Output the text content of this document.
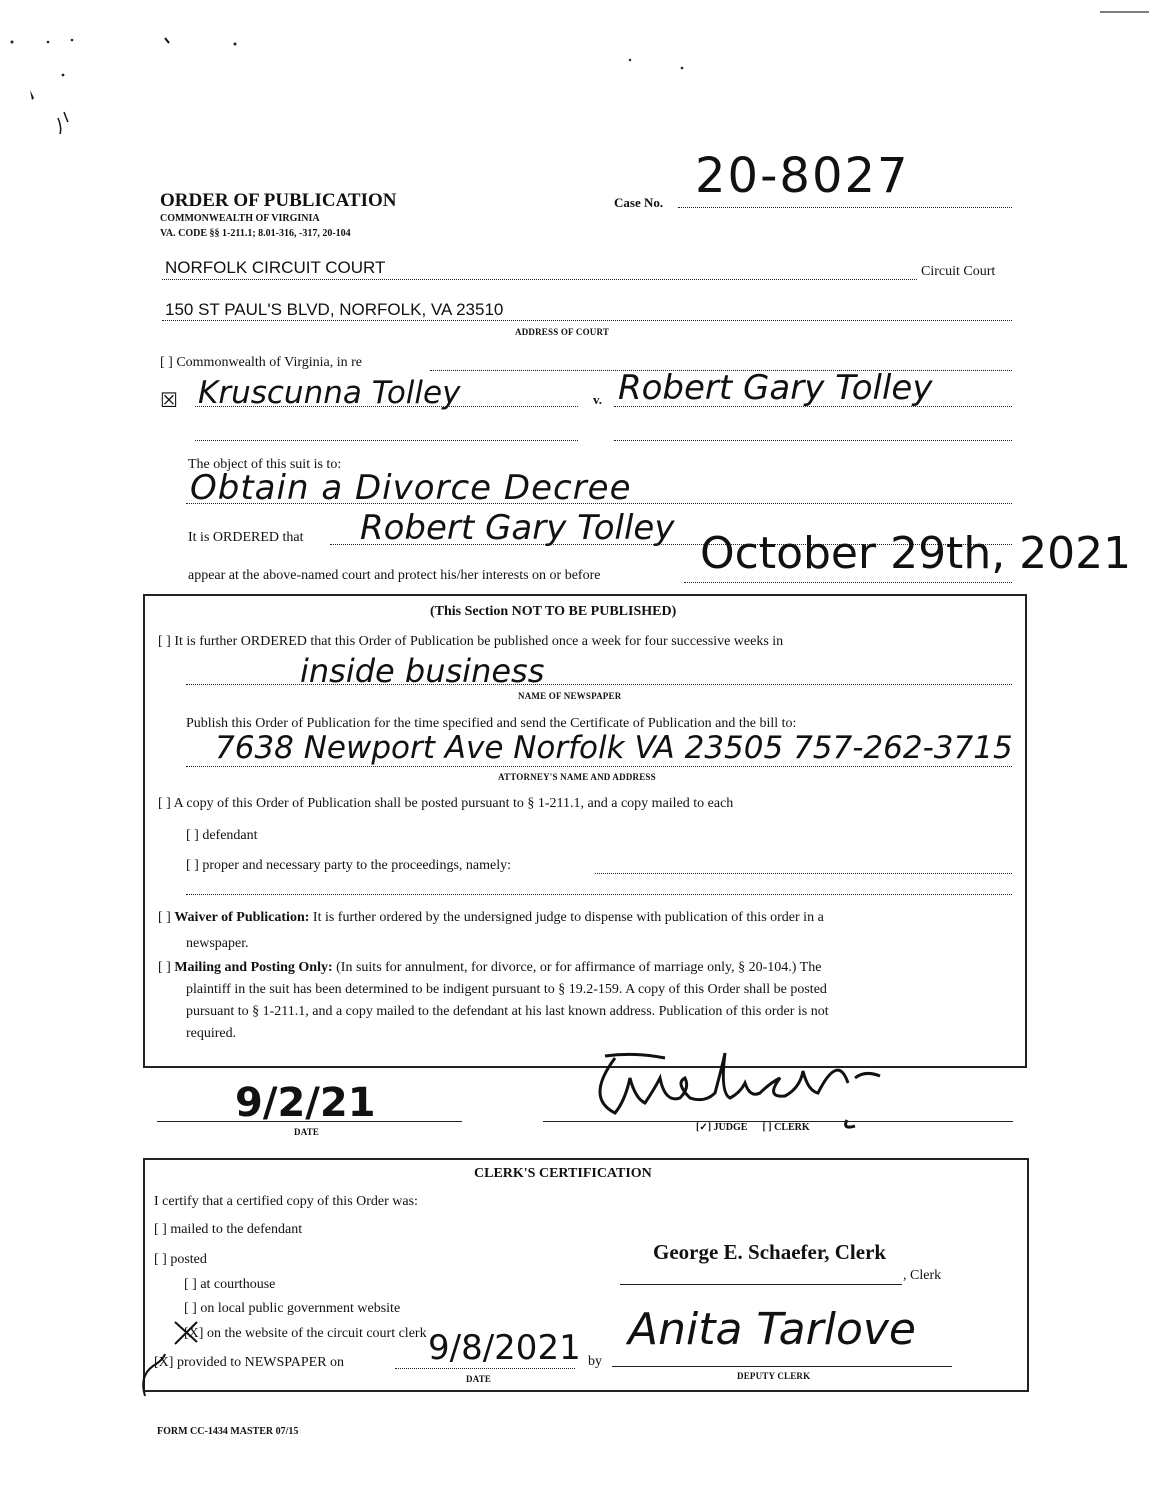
ORDER OF PUBLICATION
COMMONWEALTH OF VIRGINIA
VA. CODE §§ 1-211.1; 8.01-316, -317, 20-104
Case No. 20-8027
NORFOLK CIRCUIT COURT	Circuit Court
150 ST PAUL'S BLVD, NORFOLK, VA 23510
ADDRESS OF COURT
[ ] Commonwealth of Virginia, in re
☒ Kruscunna Tolley	v. Robert Gary Tolley
The object of this suit is to:
Obtain a Divorce Decree
It is ORDERED that Robert Gary Tolley
appear at the above-named court and protect his/her interests on or before October 29th, 2021
(This Section NOT TO BE PUBLISHED)
[ ] It is further ORDERED that this Order of Publication be published once a week for four successive weeks in
inside business
NAME OF NEWSPAPER
Publish this Order of Publication for the time specified and send the Certificate of Publication and the bill to:
7638 Newport Ave Norfolk VA 23505 757-262-3715
ATTORNEY'S NAME AND ADDRESS
[ ] A copy of this Order of Publication shall be posted pursuant to § 1-211.1, and a copy mailed to each
[ ] defendant
[ ] proper and necessary party to the proceedings, namely:
[ ] Waiver of Publication: It is further ordered by the undersigned judge to dispense with publication of this order in a
newspaper.
[ ] Mailing and Posting Only: (In suits for annulment, for divorce, or for affirmance of marriage only, § 20-104.) The
plaintiff in the suit has been determined to be indigent pursuant to § 19.2-159. A copy of this Order shall be posted
pursuant to § 1-211.1, and a copy mailed to the defendant at his last known address. Publication of this order is not
required.
9/2/21
DATE	[✓] JUDGE [ ] CLERK
CLERK'S CERTIFICATION
I certify that a certified copy of this Order was:
[ ] mailed to the defendant
[ ] posted
[ ] at courthouse
[ ] on local public government website
[X] on the website of the circuit court clerk
[X] provided to NEWSPAPER on 9/8/2021
DATE
by
George E. Schaefer, Clerk
, Clerk
Anita Tarlove
DEPUTY CLERK
FORM CC-1434 MASTER 07/15
